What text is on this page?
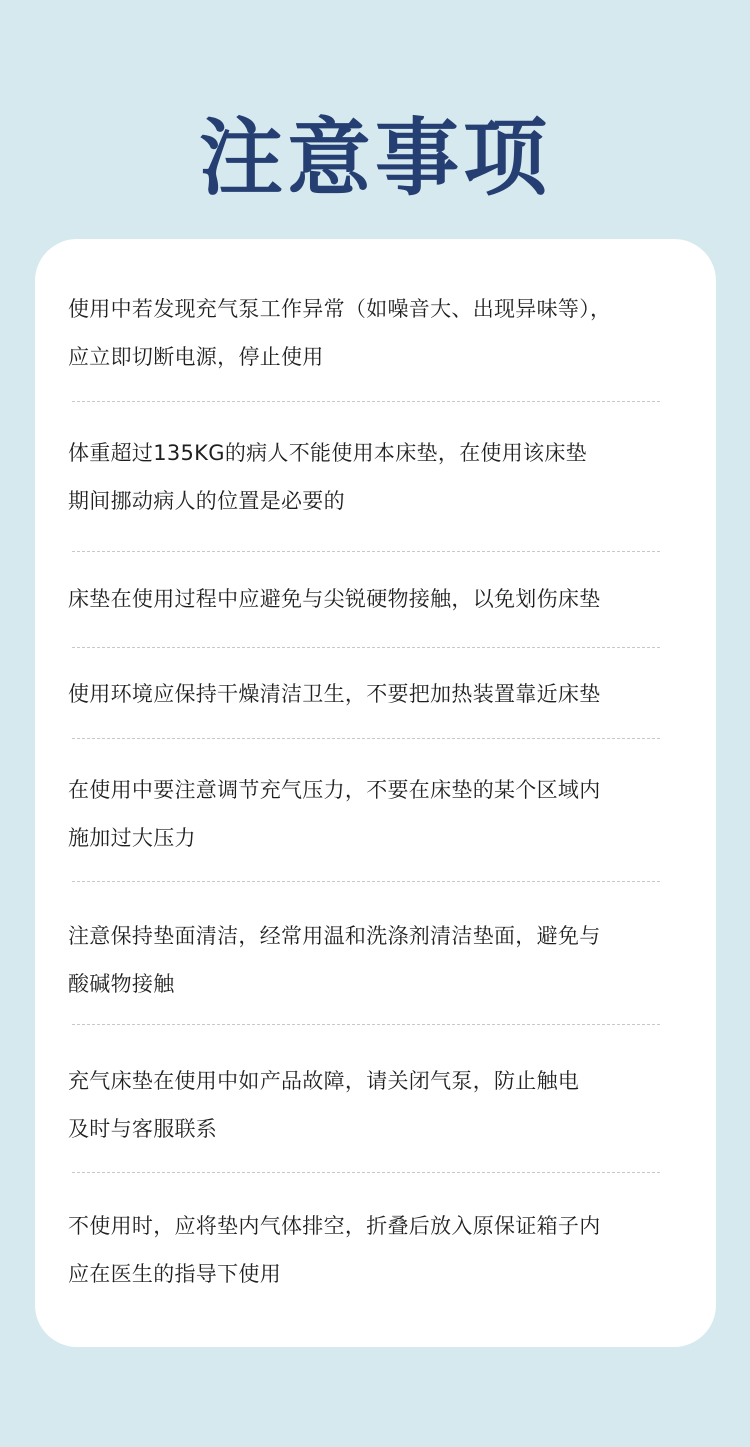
注意事项
使用中若发现充气泵工作异常（如噪音大、出现异味等），
应立即切断电源，停止使用
体重超过135KG的病人不能使用本床垫，在使用该床垫
期间挪动病人的位置是必要的
床垫在使用过程中应避免与尖锐硬物接触，以免划伤床垫
使用环境应保持干燥清洁卫生，不要把加热装置靠近床垫
在使用中要注意调节充气压力，不要在床垫的某个区域内
施加过大压力
注意保持垫面清洁，经常用温和洗涤剂清洁垫面，避免与
酸碱物接触
充气床垫在使用中如产品故障，请关闭气泵，防止触电
及时与客服联系
不使用时，应将垫内气体排空，折叠后放入原保证箱子内
应在医生的指导下使用
